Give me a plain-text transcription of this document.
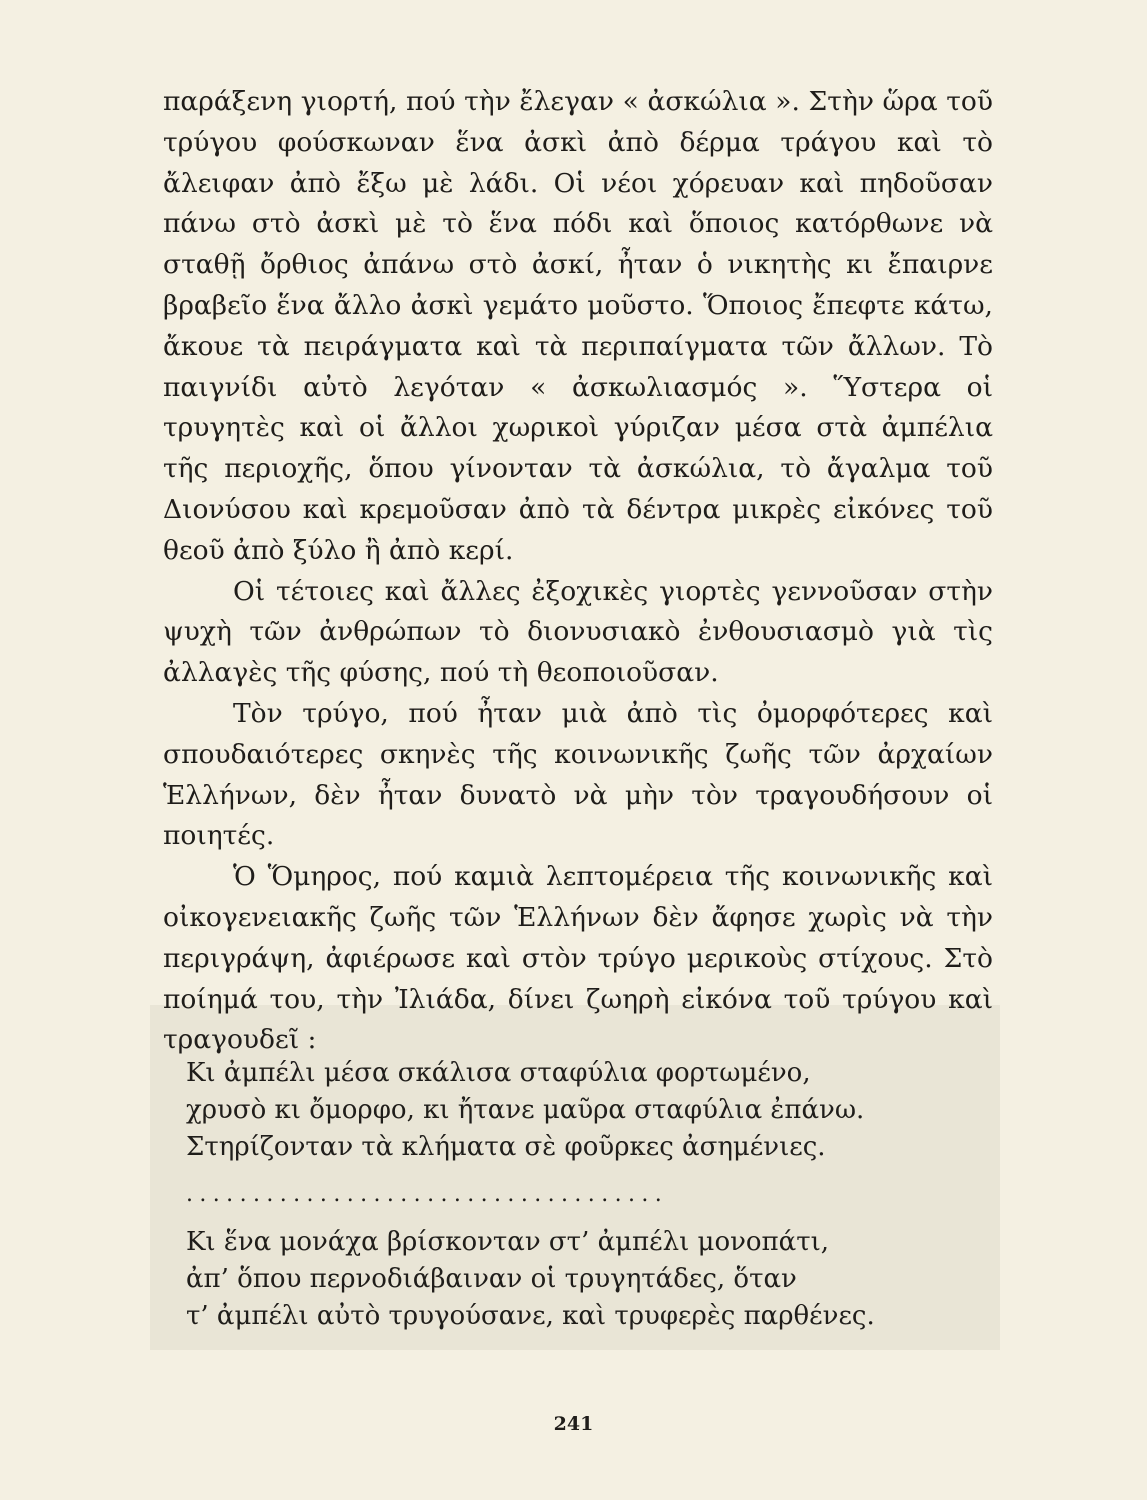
παράξενη γιορτή, πού τὴν ἔλεγαν « ἀσκώλια ». Στὴν ὥρα τοῦ τρύγου φούσκωναν ἕνα ἀσκὶ ἀπὸ δέρμα τράγου καὶ τὸ ἄλειφαν ἀπὸ ἔξω μὲ λάδι. Οἱ νέοι χόρευαν καὶ πηδοῦσαν πάνω στὸ ἀσκὶ μὲ τὸ ἕνα πόδι καὶ ὅποιος κατόρθωνε νὰ σταθῇ ὄρθιος ἀπάνω στὸ ἀσκί, ἦταν ὁ νικητὴς κι ἔπαιρνε βραβεῖο ἕνα ἄλλο ἀσκὶ γεμάτο μοῦστο. Ὅποιος ἔπεφτε κάτω, ἄκουε τὰ πειράγματα καὶ τὰ περιπαίγματα τῶν ἄλλων. Τὸ παιγνίδι αὐτὸ λεγόταν « ἀσκωλιασμός ». Ὕστερα οἱ τρυγητὲς καὶ οἱ ἄλλοι χωρικοὶ γύριζαν μέσα στὰ ἀμπέλια τῆς περιοχῆς, ὅπου γίνονταν τὰ ἀσκώλια, τὸ ἄγαλμα τοῦ Διονύσου καὶ κρεμοῦσαν ἀπὸ τὰ δέντρα μικρὲς εἰκόνες τοῦ θεοῦ ἀπὸ ξύλο ἢ ἀπὸ κερί.

Οἱ τέτοιες καὶ ἄλλες ἐξοχικὲς γιορτὲς γεννοῦσαν στὴν ψυχὴ τῶν ἀνθρώπων τὸ διονυσιακὸ ἐνθουσιασμὸ γιὰ τὶς ἀλλαγὲς τῆς φύσης, πού τὴ θεοποιοῦσαν.

Τὸν τρύγο, πού ἦταν μιὰ ἀπὸ τὶς ὀμορφότερες καὶ σπουδαιότερες σκηνὲς τῆς κοινωνικῆς ζωῆς τῶν ἀρχαίων Ἑλλήνων, δὲν ἦταν δυνατὸ νὰ μὴν τὸν τραγουδήσουν οἱ ποιητές.

Ὁ Ὅμηρος, πού καμιὰ λεπτομέρεια τῆς κοινωνικῆς καὶ οἰκογενειακῆς ζωῆς τῶν Ἑλλήνων δὲν ἄφησε χωρὶς νὰ τὴν περιγράψη, ἀφιέρωσε καὶ στὸν τρύγο μερικοὺς στίχους. Στὸ ποίημά του, τὴν Ἰλιάδα, δίνει ζωηρὴ εἰκόνα τοῦ τρύγου καὶ τραγουδεῖ :

Κι ἀμπέλι μέσα σκάλισα σταφύλια φορτωμένο,
χρυσὸ κι ὄμορφο, κι ἤτανε μαῦρα σταφύλια ἐπάνω.
Στηρίζονταν τὰ κλήματα σὲ φοῦρκες ἀσημένιες.
....................................
Κι ἕνα μονάχα βρίσκονταν στ’ ἀμπέλι μονοπάτι,
ἀπ’ ὅπου περνοδιάβαιναν οἱ τρυγητάδες, ὅταν
τ’ ἀμπέλι αὐτὸ τρυγούσανε, καὶ τρυφερὲς παρθένες.
241
